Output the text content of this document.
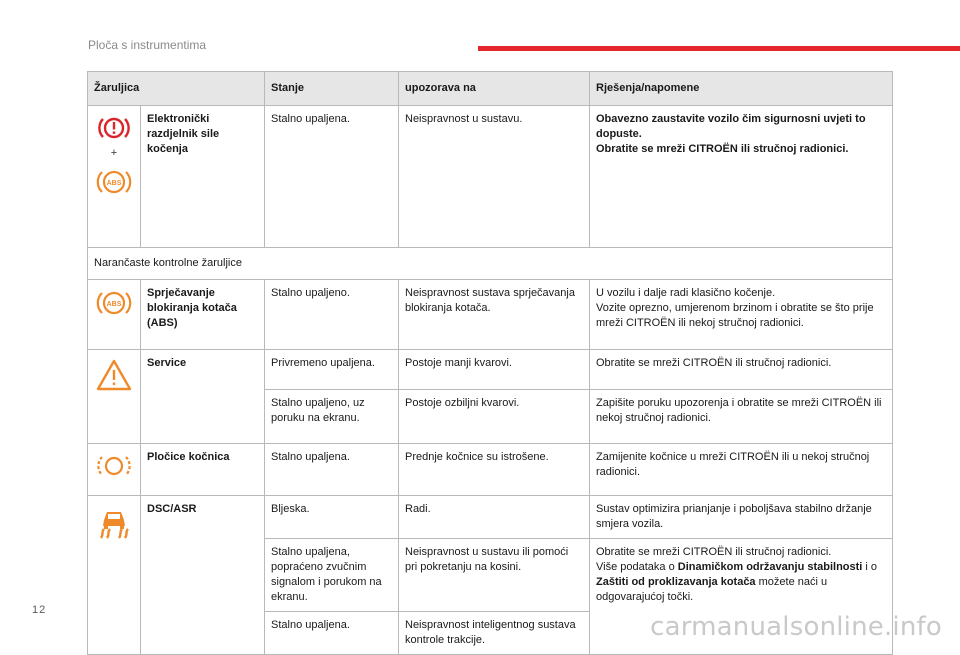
Ploča s instrumentima
Žaruljica		Stanje	upozorava na	Rješenja/napomene

+
ABS	Elektronički razdjelnik sile kočenja	Stalno upaljena.	Neispravnost u sustavu.	Obavezno zaustavite vozilo čim sigurnosni uvjeti to dopuste.
Obratite se mreži CITROËN ili stručnoj radionici.
Narančaste kontrolne žaruljice				

ABS	Sprječavanje blokiranja kotača (ABS)	Stalno upaljeno.	Neispravnost sustava sprječavanja blokiranja kotača.	U vozilu i dalje radi klasično kočenje.
Vozite oprezno, umjerenom brzinom i obratite se što prije mreži CITROËN ili nekoj stručnoj radionici.

	Service	Privremeno upaljena.	Postoje manji kvarovi.	Obratite se mreži CITROËN ili stručnoj radionici.
		Stalno upaljeno, uz poruku na ekranu.	Postoje ozbiljni kvarovi.	Zapišite poruku upozorenja i obratite se mreži CITROËN ili nekoj stručnoj radionici.

	Pločice kočnica	Stalno upaljena.	Prednje kočnice su istrošene.	Zamijenite kočnice u mreži CITROËN ili u nekoj stručnoj radionici.

	DSC/ASR	Bljeska.	Radi.	Sustav optimizira prianjanje i poboljšava stabilno držanje smjera vozila.
		Stalno upaljena, popraćeno zvučnim signalom i porukom na ekranu.	Neispravnost u sustavu ili pomoći pri pokretanju na kosini.	Obratite se mreži CITROËN ili stručnoj radionici.
Više podataka o Dinamičkom održavanju stabilnosti i o Zaštiti od proklizavanja kotača možete naći u odgovarajućoj točki.
		Stalno upaljena.	Neispravnost inteligentnog sustava kontrole trakcije.	
12
carmanualsonline.info
